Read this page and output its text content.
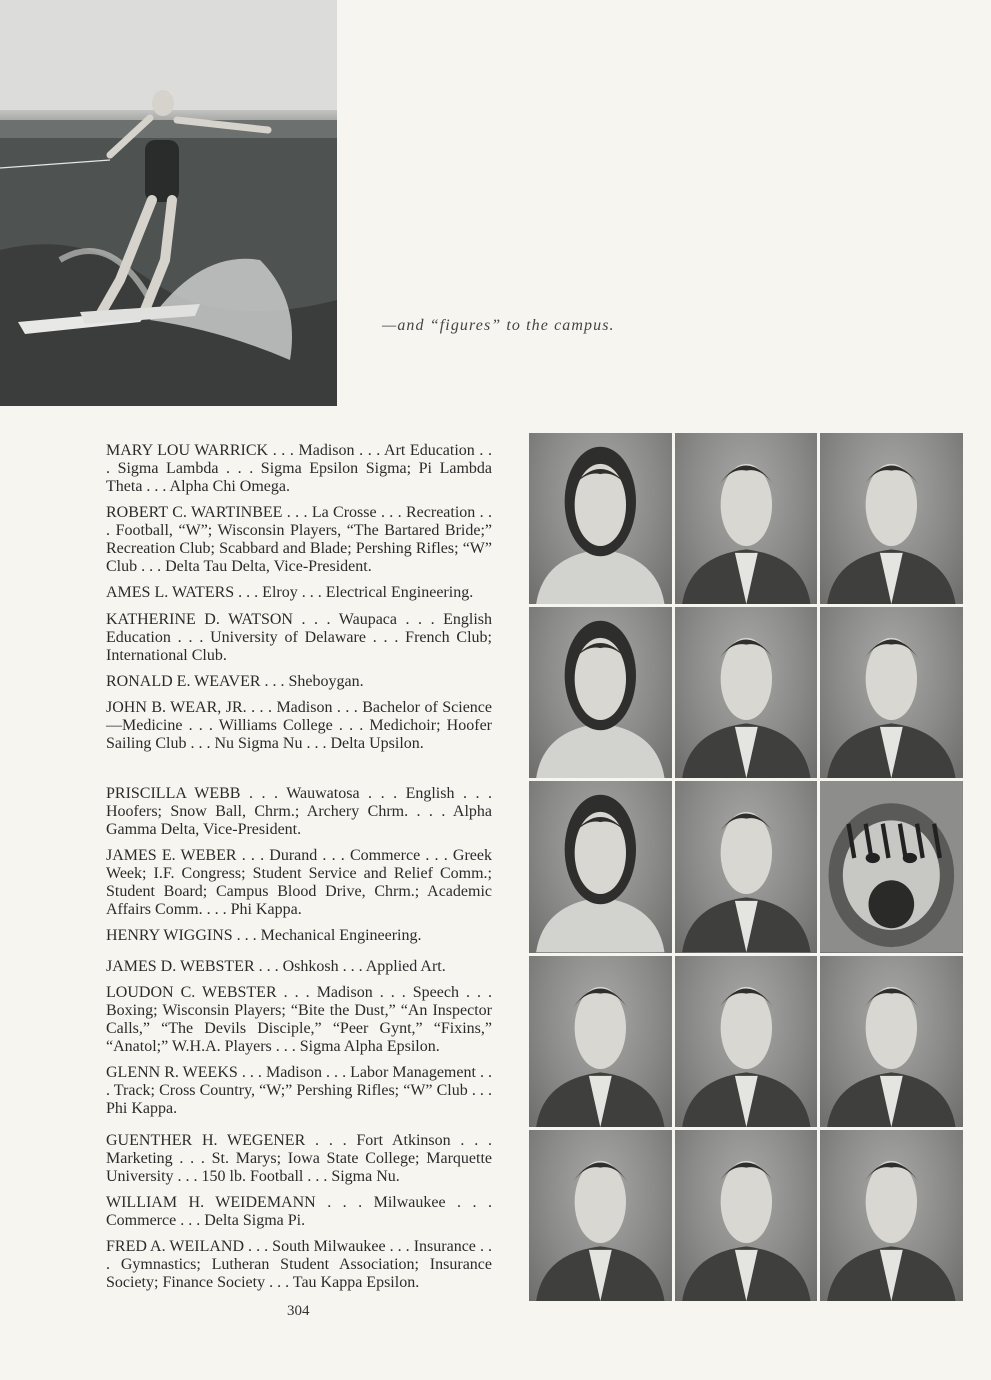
—and “figures” to the campus.

MARY LOU WARRICK . . . Madison . . . Art Education . . . Sigma Lambda . . . Sigma Epsilon Sigma; Pi Lambda Theta . . . Alpha Chi Omega.

ROBERT C. WARTINBEE . . . La Crosse . . . Recreation . . . Football, “W”; Wisconsin Players, “The Bartared Bride;” Recreation Club; Scabbard and Blade; Pershing Rifles; “W” Club . . . Delta Tau Delta, Vice-President.

AMES L. WATERS . . . Elroy . . . Electrical Engineering.

KATHERINE D. WATSON . . . Waupaca . . . English Education . . . University of Delaware . . . French Club; International Club.

RONALD E. WEAVER . . . Sheboygan.

JOHN B. WEAR, JR. . . . Madison . . . Bachelor of Science—Medicine . . . Williams College . . . Medichoir; Hoofer Sailing Club . . . Nu Sigma Nu . . . Delta Upsilon.

PRISCILLA WEBB . . . Wauwatosa . . . English . . . Hoofers; Snow Ball, Chrm.; Archery Chrm. . . . Alpha Gamma Delta, Vice-President.

JAMES E. WEBER . . . Durand . . . Commerce . . . Greek Week; I.F. Congress; Student Service and Relief Comm.; Student Board; Campus Blood Drive, Chrm.; Academic Affairs Comm. . . . Phi Kappa.

HENRY WIGGINS . . . Mechanical Engineering.

JAMES D. WEBSTER . . . Oshkosh . . . Applied Art.

LOUDON C. WEBSTER . . . Madison . . . Speech . . . Boxing; Wisconsin Players; “Bite the Dust,” “An Inspector Calls,” “The Devils Disciple,” “Peer Gynt,” “Fixins,” “Anatol;” W.H.A. Players . . . Sigma Alpha Epsilon.

GLENN R. WEEKS . . . Madison . . . Labor Management . . . Track; Cross Country, “W;” Pershing Rifles; “W” Club . . . Phi Kappa.

GUENTHER H. WEGENER . . . Fort Atkinson . . . Marketing . . . St. Marys; Iowa State College; Marquette University . . . 150 lb. Football . . . Sigma Nu.

WILLIAM H. WEIDEMANN . . . Milwaukee . . . Commerce . . . Delta Sigma Pi.

FRED A. WEILAND . . . South Milwaukee . . . Insurance . . . Gymnastics; Lutheran Student Association; Insurance Society; Finance Society . . . Tau Kappa Epsilon.

304
